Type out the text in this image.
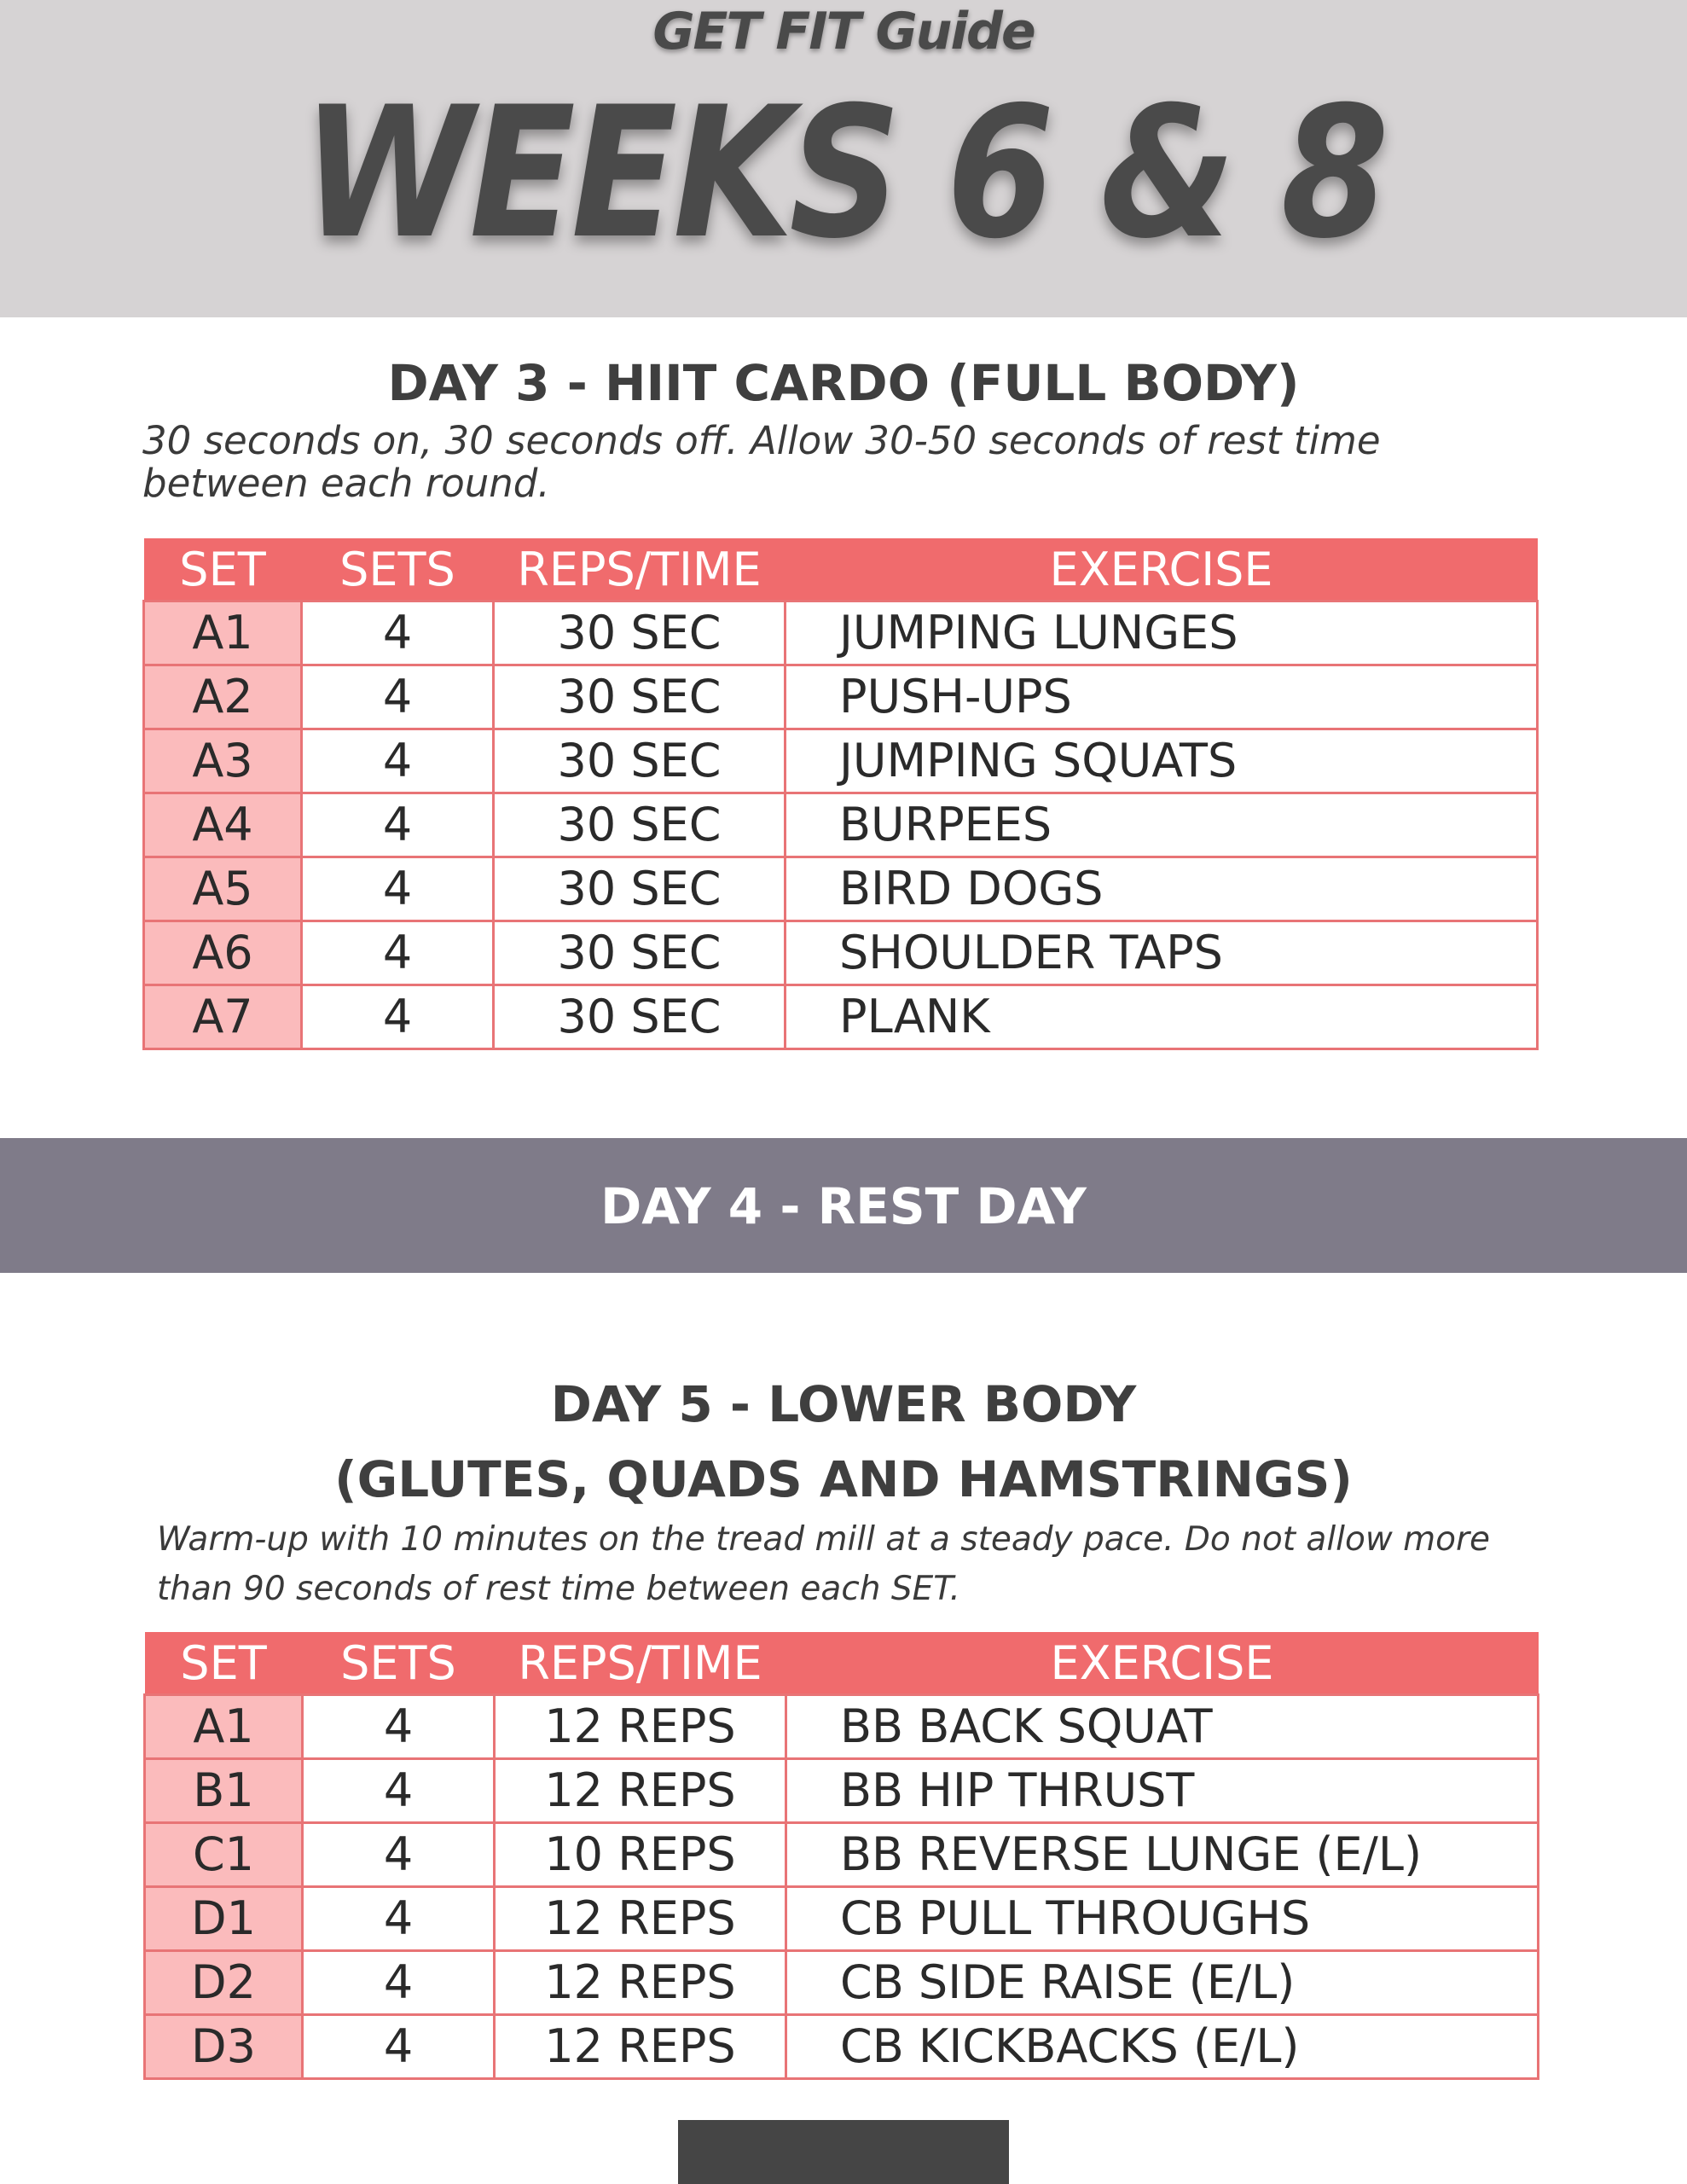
GET FIT Guide
WEEKS 6 & 8
DAY 3 - HIIT CARDO (FULL BODY)
30 seconds on, 30 seconds off. Allow 30-50 seconds of rest time between each round.
SET	SETS	REPS/TIME	EXERCISE
A1	4	30 SEC	JUMPING LUNGES
A2	4	30 SEC	PUSH-UPS
A3	4	30 SEC	JUMPING SQUATS
A4	4	30 SEC	BURPEES
A5	4	30 SEC	BIRD DOGS
A6	4	30 SEC	SHOULDER TAPS
A7	4	30 SEC	PLANK
DAY 4 - REST DAY
DAY 5 - LOWER BODY
(GLUTES, QUADS AND HAMSTRINGS)
Warm-up with 10 minutes on the tread mill at a steady pace. Do not allow more than 90 seconds of rest time between each SET.
SET	SETS	REPS/TIME	EXERCISE
A1	4	12 REPS	BB BACK SQUAT
B1	4	12 REPS	BB HIP THRUST
C1	4	10 REPS	BB REVERSE LUNGE (E/L)
D1	4	12 REPS	CB PULL THROUGHS
D2	4	12 REPS	CB SIDE RAISE (E/L)
D3	4	12 REPS	CB KICKBACKS (E/L)
